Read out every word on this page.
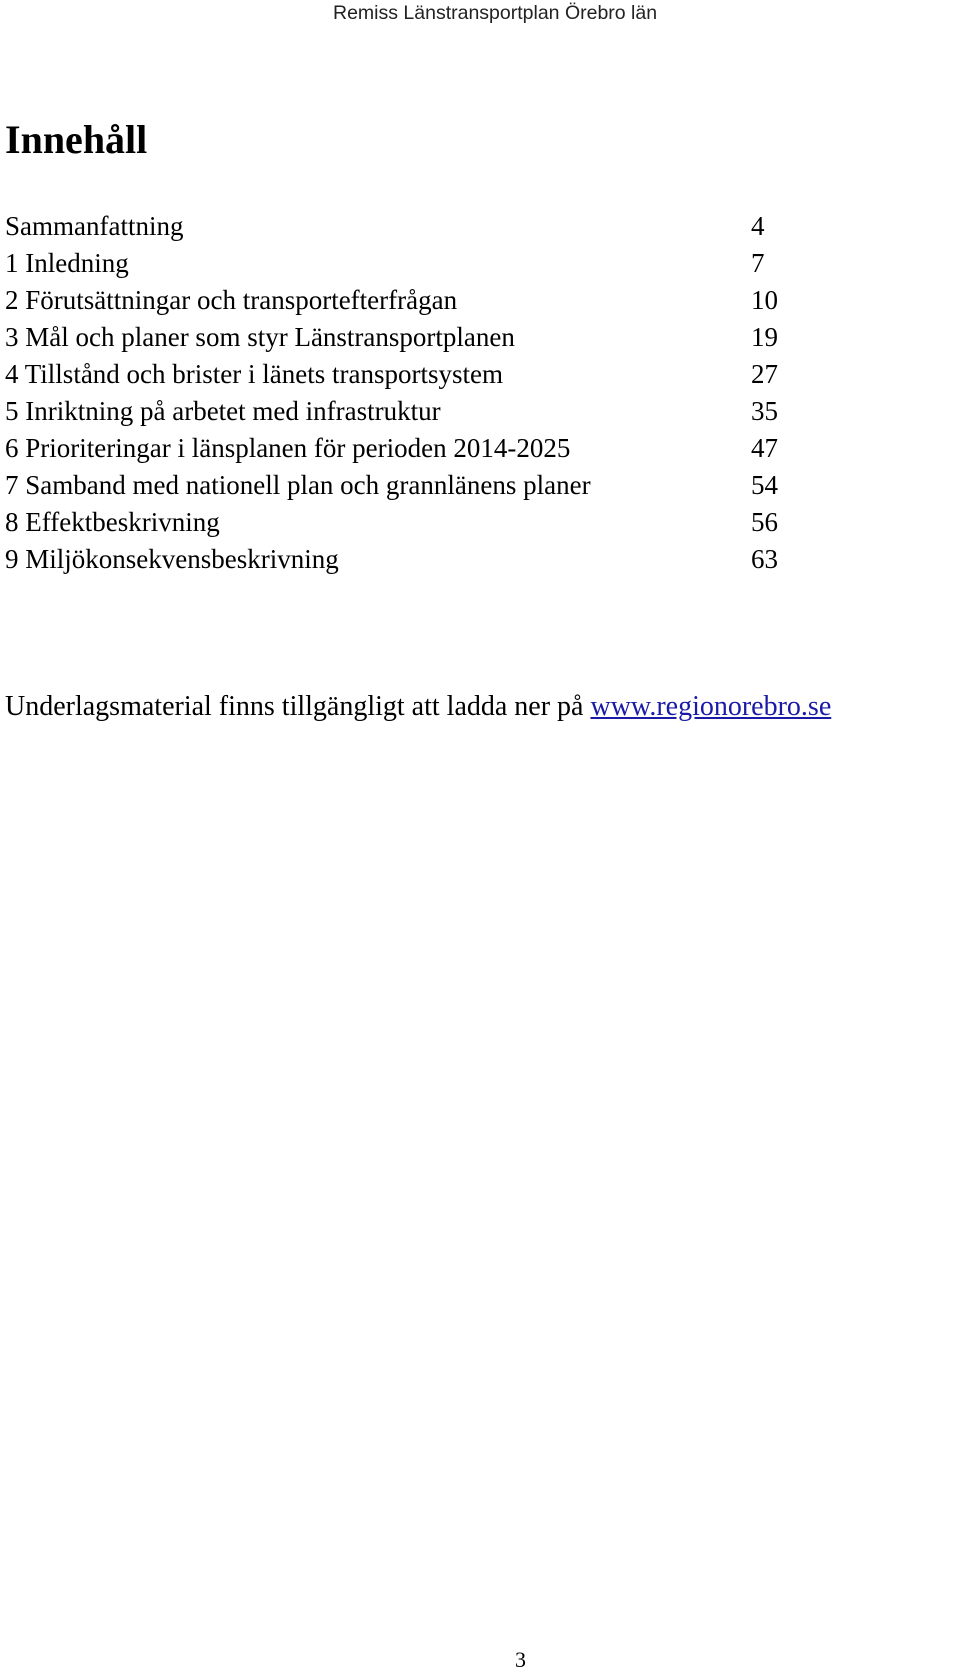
Remiss Länstransportplan Örebro län
Innehåll
Sammanfattning	4
1 Inledning	7
2 Förutsättningar och transportefterfrågan	10
3 Mål och planer som styr Länstransportplanen	19
4 Tillstånd och brister i länets transportsystem	27
5 Inriktning på arbetet med infrastruktur	35
6 Prioriteringar i länsplanen för perioden 2014-2025	47
7 Samband med nationell plan och grannlänens planer	54
8 Effektbeskrivning	56
9 Miljökonsekvensbeskrivning	63

Underlagsmaterial finns tillgängligt att ladda ner på www.regionorebro.se

3
